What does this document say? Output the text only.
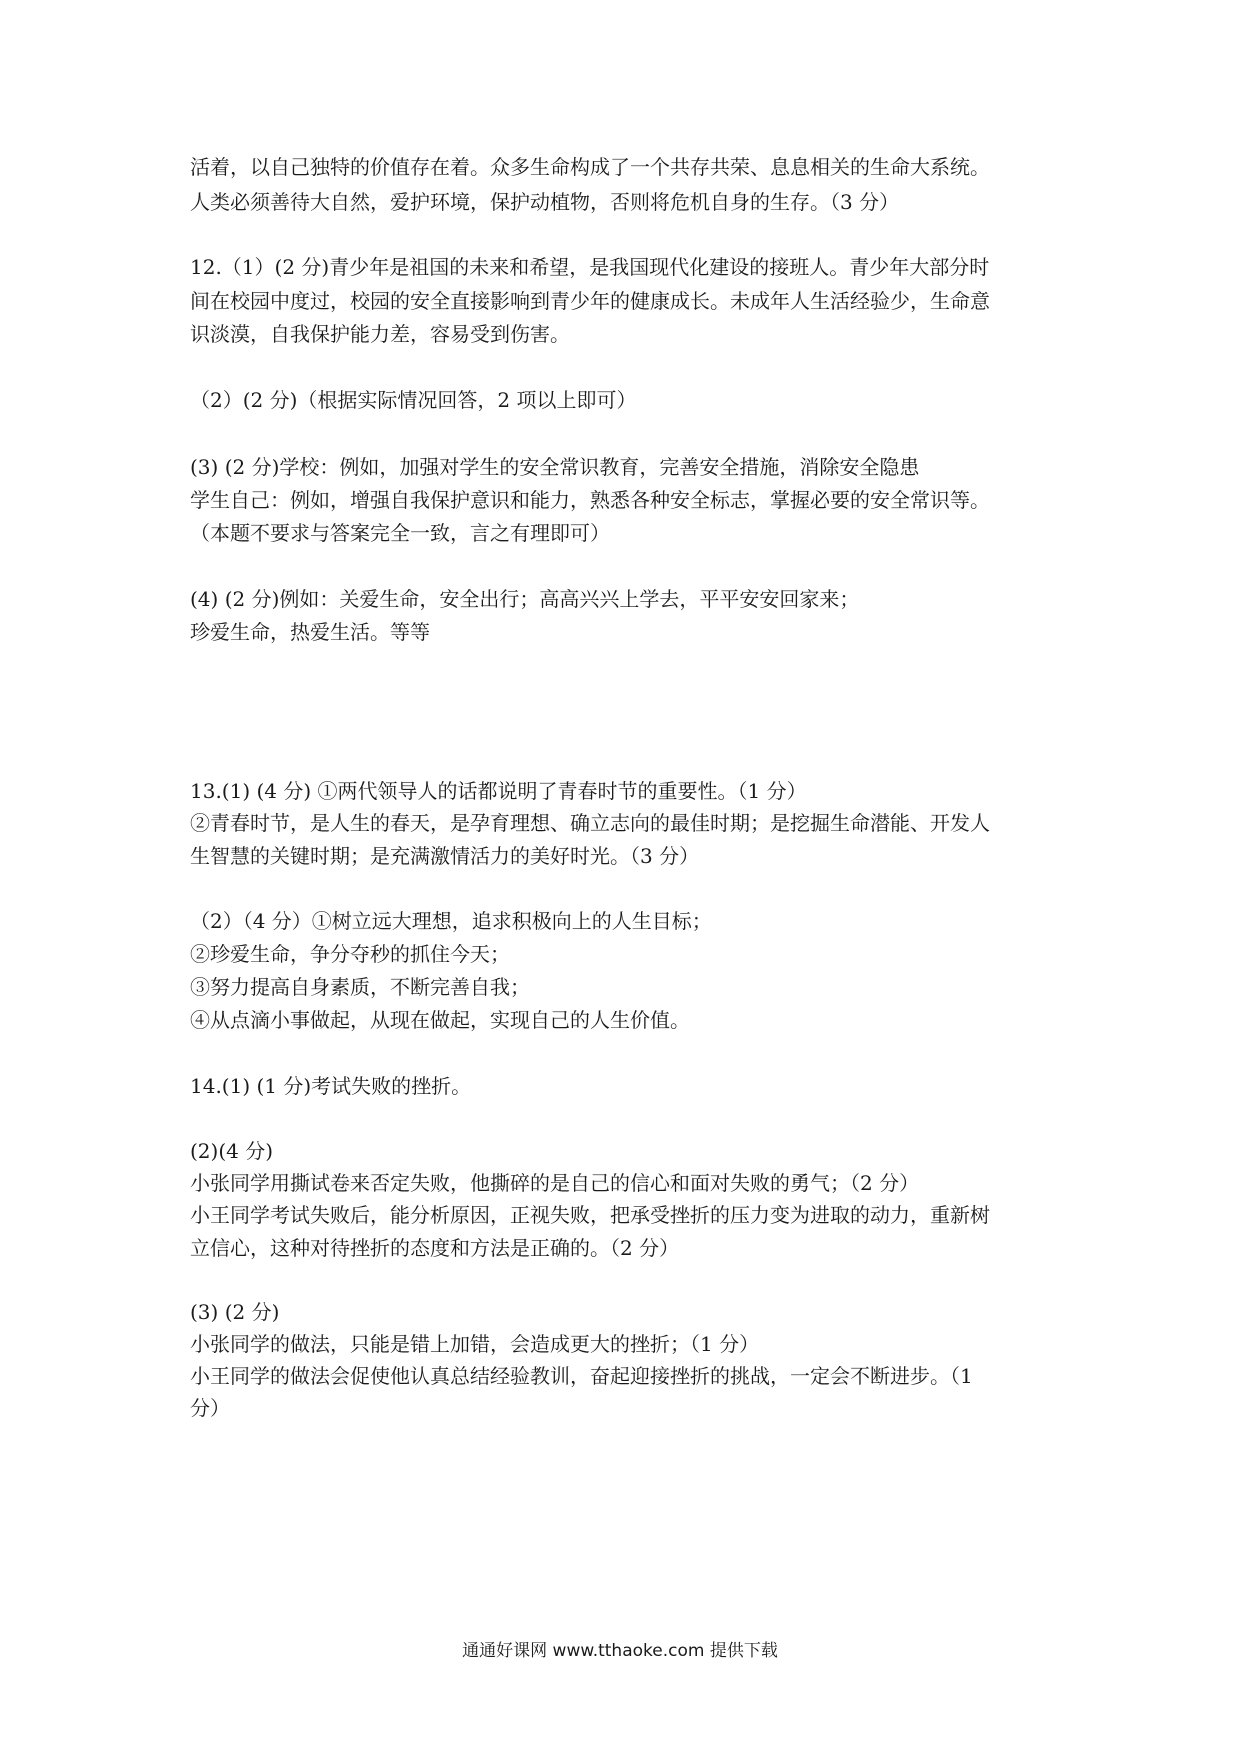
活着，以自己独特的价值存在着。众多生命构成了一个共存共荣、息息相关的生命大系统。
人类必须善待大自然，爱护环境，保护动植物，否则将危机自身的生存。（3 分）
12.（1）(2 分)青少年是祖国的未来和希望，是我国现代化建设的接班人。青少年大部分时
间在校园中度过，校园的安全直接影响到青少年的健康成长。未成年人生活经验少，生命意
识淡漠，自我保护能力差，容易受到伤害。
（2）(2 分)（根据实际情况回答，2 项以上即可）
(3) (2 分)学校：例如，加强对学生的安全常识教育，完善安全措施，消除安全隐患
学生自己：例如，增强自我保护意识和能力，熟悉各种安全标志，掌握必要的安全常识等。
（本题不要求与答案完全一致，言之有理即可）
(4) (2 分)例如：关爱生命，安全出行；高高兴兴上学去，平平安安回家来；
珍爱生命，热爱生活。等等
13.(1) (4 分) ①两代领导人的话都说明了青春时节的重要性。（1 分）
②青春时节，是人生的春天，是孕育理想、确立志向的最佳时期；是挖掘生命潜能、开发人
生智慧的关键时期；是充满激情活力的美好时光。（3 分）
（2）（4 分）①树立远大理想，追求积极向上的人生目标；
②珍爱生命，争分夺秒的抓住今天；
③努力提高自身素质，不断完善自我；
④从点滴小事做起，从现在做起，实现自己的人生价值。
14.(1) (1 分)考试失败的挫折。
(2)(4 分)
小张同学用撕试卷来否定失败，他撕碎的是自己的信心和面对失败的勇气；（2 分）
小王同学考试失败后，能分析原因，正视失败，把承受挫折的压力变为进取的动力，重新树
立信心，这种对待挫折的态度和方法是正确的。（2 分）
(3) (2 分)
小张同学的做法，只能是错上加错，会造成更大的挫折；（1 分）
小王同学的做法会促使他认真总结经验教训，奋起迎接挫折的挑战，一定会不断进步。（1
分）
通通好课网 www.tthaoke.com 提供下载
